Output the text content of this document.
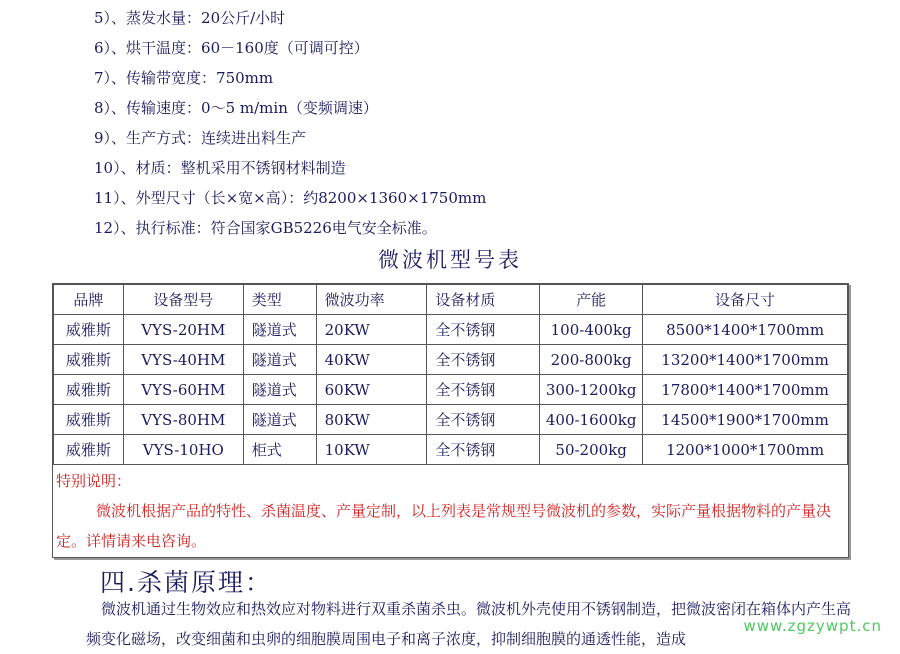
5）、蒸发水量：20公斤/小时
6）、烘干温度：60－160度（可调可控）
7）、传输带宽度：750mm
8）、传输速度：0～5 m/min（变频调速）
9）、生产方式：连续进出料生产
10）、材质：整机采用不锈钢材料制造
11）、外型尺寸（长×宽×高）：约8200×1360×1750mm
12）、执行标准：符合国家GB5226电气安全标准。
微波机型号表
品牌	设备型号	类型	微波功率	设备材质	产能	设备尺寸
威雅斯	VYS-20HM	隧道式	20KW	全不锈钢	100-400kg	8500*1400*1700mm
威雅斯	VYS-40HM	隧道式	40KW	全不锈钢	200-800kg	13200*1400*1700mm
威雅斯	VYS-60HM	隧道式	60KW	全不锈钢	300-1200kg	17800*1400*1700mm
威雅斯	VYS-80HM	隧道式	80KW	全不锈钢	400-1600kg	14500*1900*1700mm
威雅斯	VYS-10HO	柜式	10KW	全不锈钢	50-200kg	1200*1000*1700mm
特别说明：
微波机根据产品的特性、杀菌温度、产量定制，以上列表是常规型号微波机的参数，实际产量根据物料的产量决定。详情请来电咨询。
四.杀菌原理：
微波机通过生物效应和热效应对物料进行双重杀菌杀虫。微波机外壳使用不锈钢制造，把微波密闭在箱体内产生高频变化磁场，改变细菌和虫卵的细胞膜周围电子和离子浓度，抑制细胞膜的通透性能，造成
www.zgzywpt.cn
